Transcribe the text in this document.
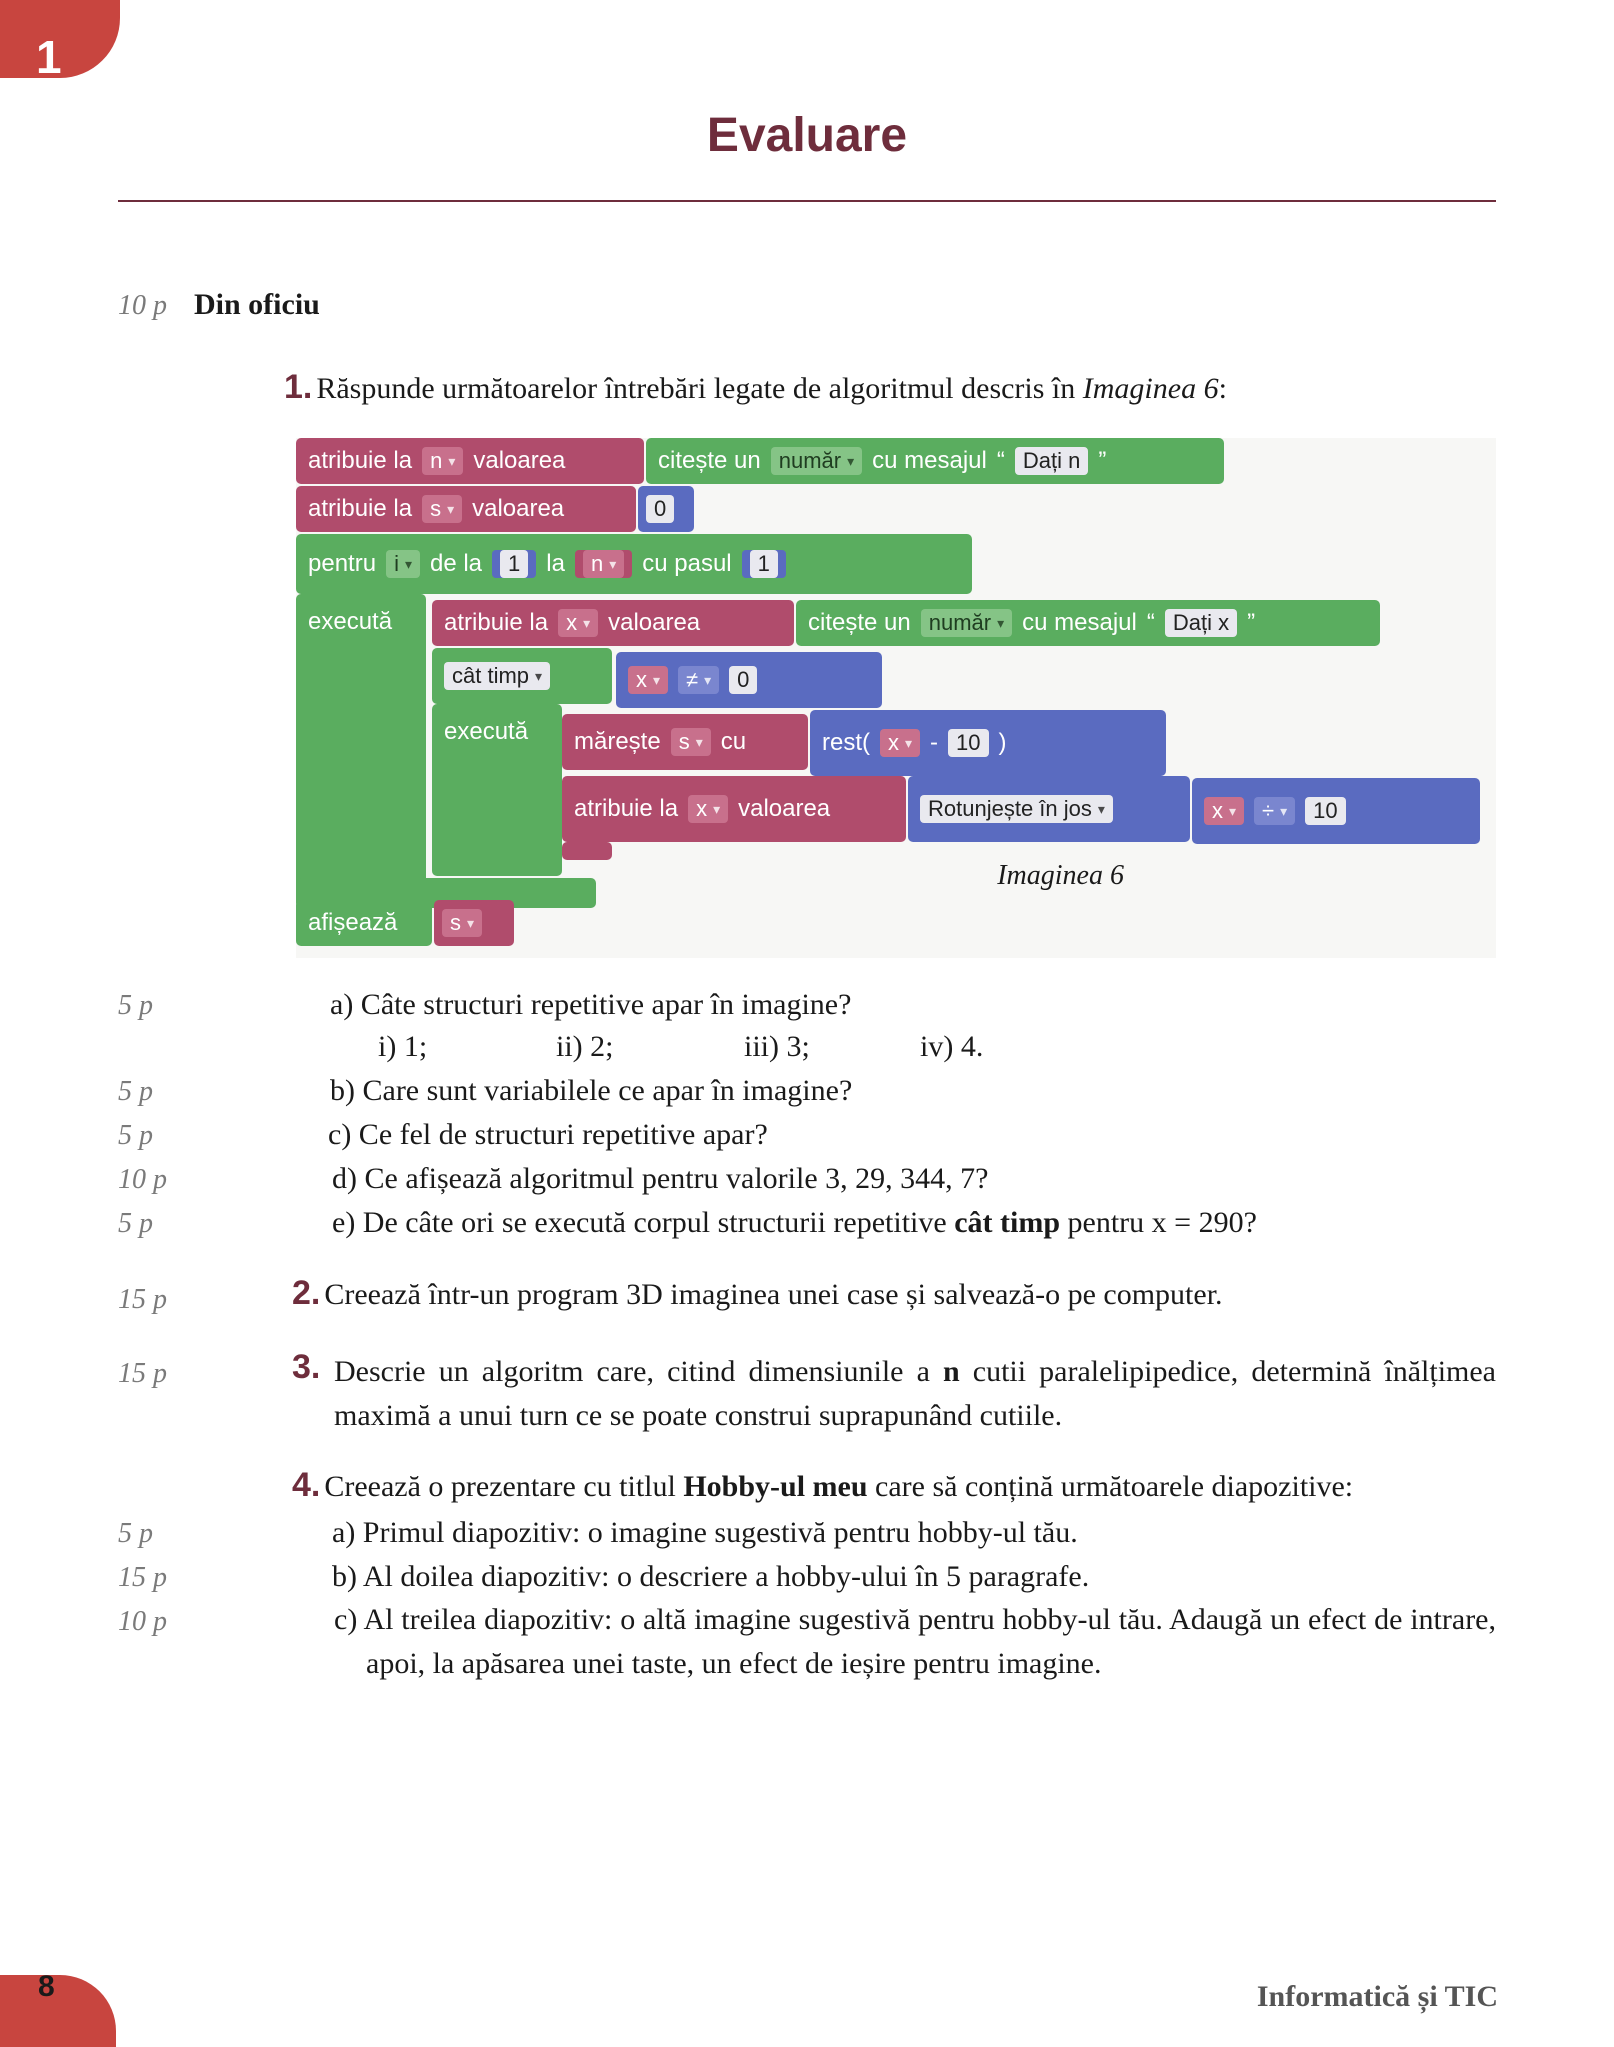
1
8	Informatică și TIC
Evaluare
10 p Din oficiu
1. Răspunde următoarelor întrebări legate de algoritmul descris în Imaginea 6:
atribuie la n ▾	valoarea	citește un număr ▾	cu mesajul “ Dați n ”
atribuie la s ▾	valoarea	0
pentru i ▾	de la	1	la	n ▾	cu pasul	1
execută atribuie la x ▾	valoarea	citește un număr ▾	cu mesajul “ Dați x ”
cât timp ▾	x ▾	≠ ▾	0
execută mărește s ▾	cu	rest( x ▾	- 10 )
atribuie la x ▾	valoarea	Rotunjește în jos ▾	x ▾	÷ ▾	10
afișează	s ▾
Imaginea 6
5 p	a) Câte structuri repetitive apar în imagine?
i) 1;	ii) 2;	iii) 3;	iv) 4.
5 p	b) Care sunt variabilele ce apar în imagine?
5 p	c) Ce fel de structuri repetitive apar?
10 p	d) Ce afișează algoritmul pentru valorile 3, 29, 344, 7?
5 p	e) De câte ori se execută corpul structurii repetitive cât timp pentru x = 290?
15 p	2. Creează într-un program 3D imaginea unei case și salvează-o pe computer.
15 p	3. Descrie un algoritm care, citind dimensiunile a n cutii paralelipipedice, determină înălțimea maximă a unui turn ce se poate construi suprapunând cutiile.
4. Creează o prezentare cu titlul Hobby-ul meu care să conțină următoarele diapozitive:
5 p	a) Primul diapozitiv: o imagine sugestivă pentru hobby-ul tău.
15 p	b) Al doilea diapozitiv: o descriere a hobby-ului în 5 paragrafe.
10 p	c) Al treilea diapozitiv: o altă imagine sugestivă pentru hobby-ul tău. Adaugă un efect de intrare, apoi, la apăsarea unei taste, un efect de ieșire pentru imagine.
